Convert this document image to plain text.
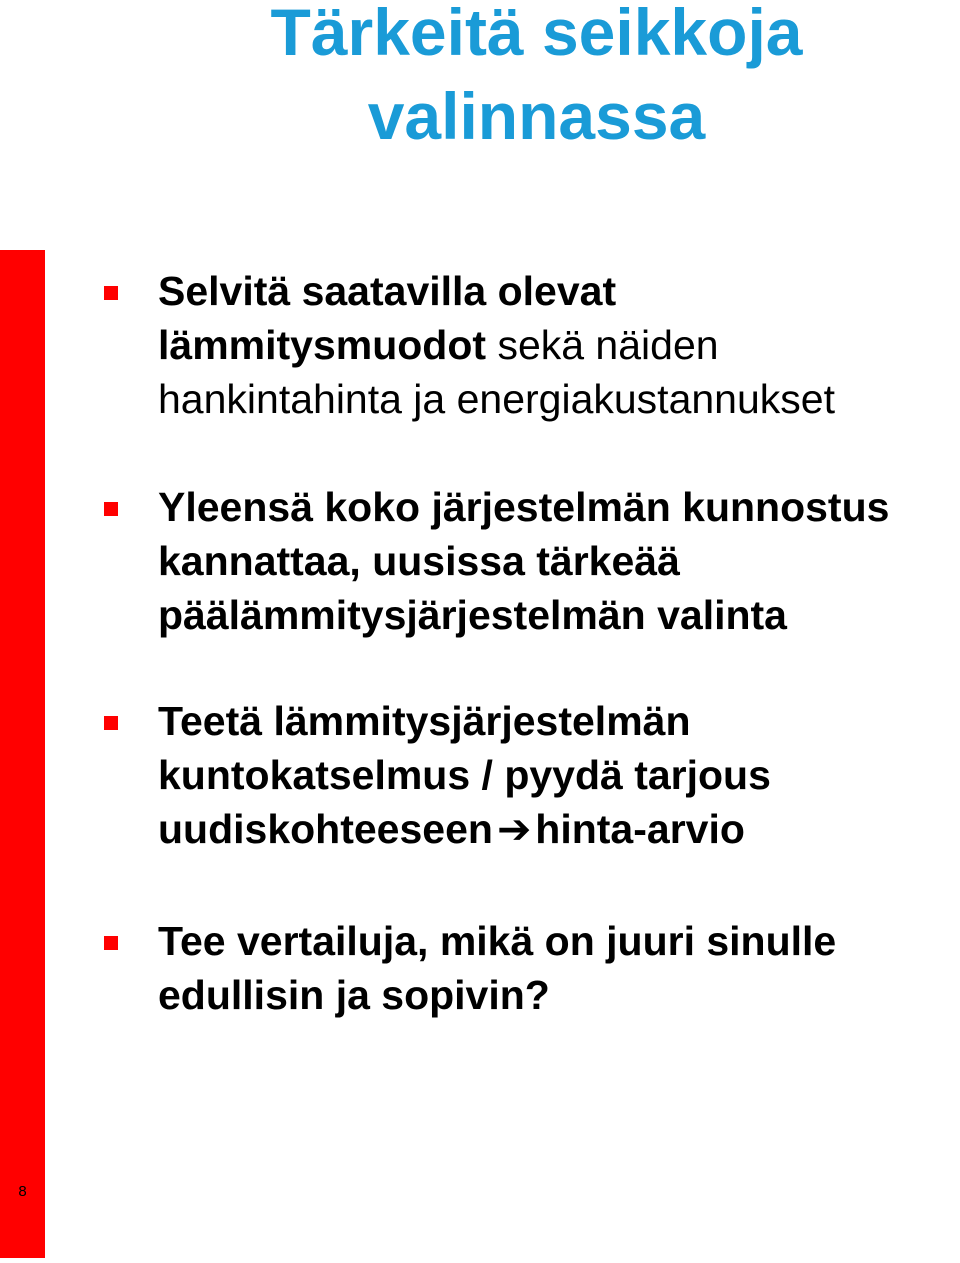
Tärkeitä seikkoja
valinnassa
8
Selvitä saatavilla olevat
lämmitysmuodot sekä näiden
hankintahinta ja energiakustannukset
Yleensä koko järjestelmän kunnostus
kannattaa, uusissa tärkeää
päälämmitysjärjestelmän valinta
Teetä lämmitysjärjestelmän
kuntokatselmus / pyydä tarjous
uudiskohteeseen➔hinta-arvio
Tee vertailuja, mikä on juuri sinulle
edullisin ja sopivin?
